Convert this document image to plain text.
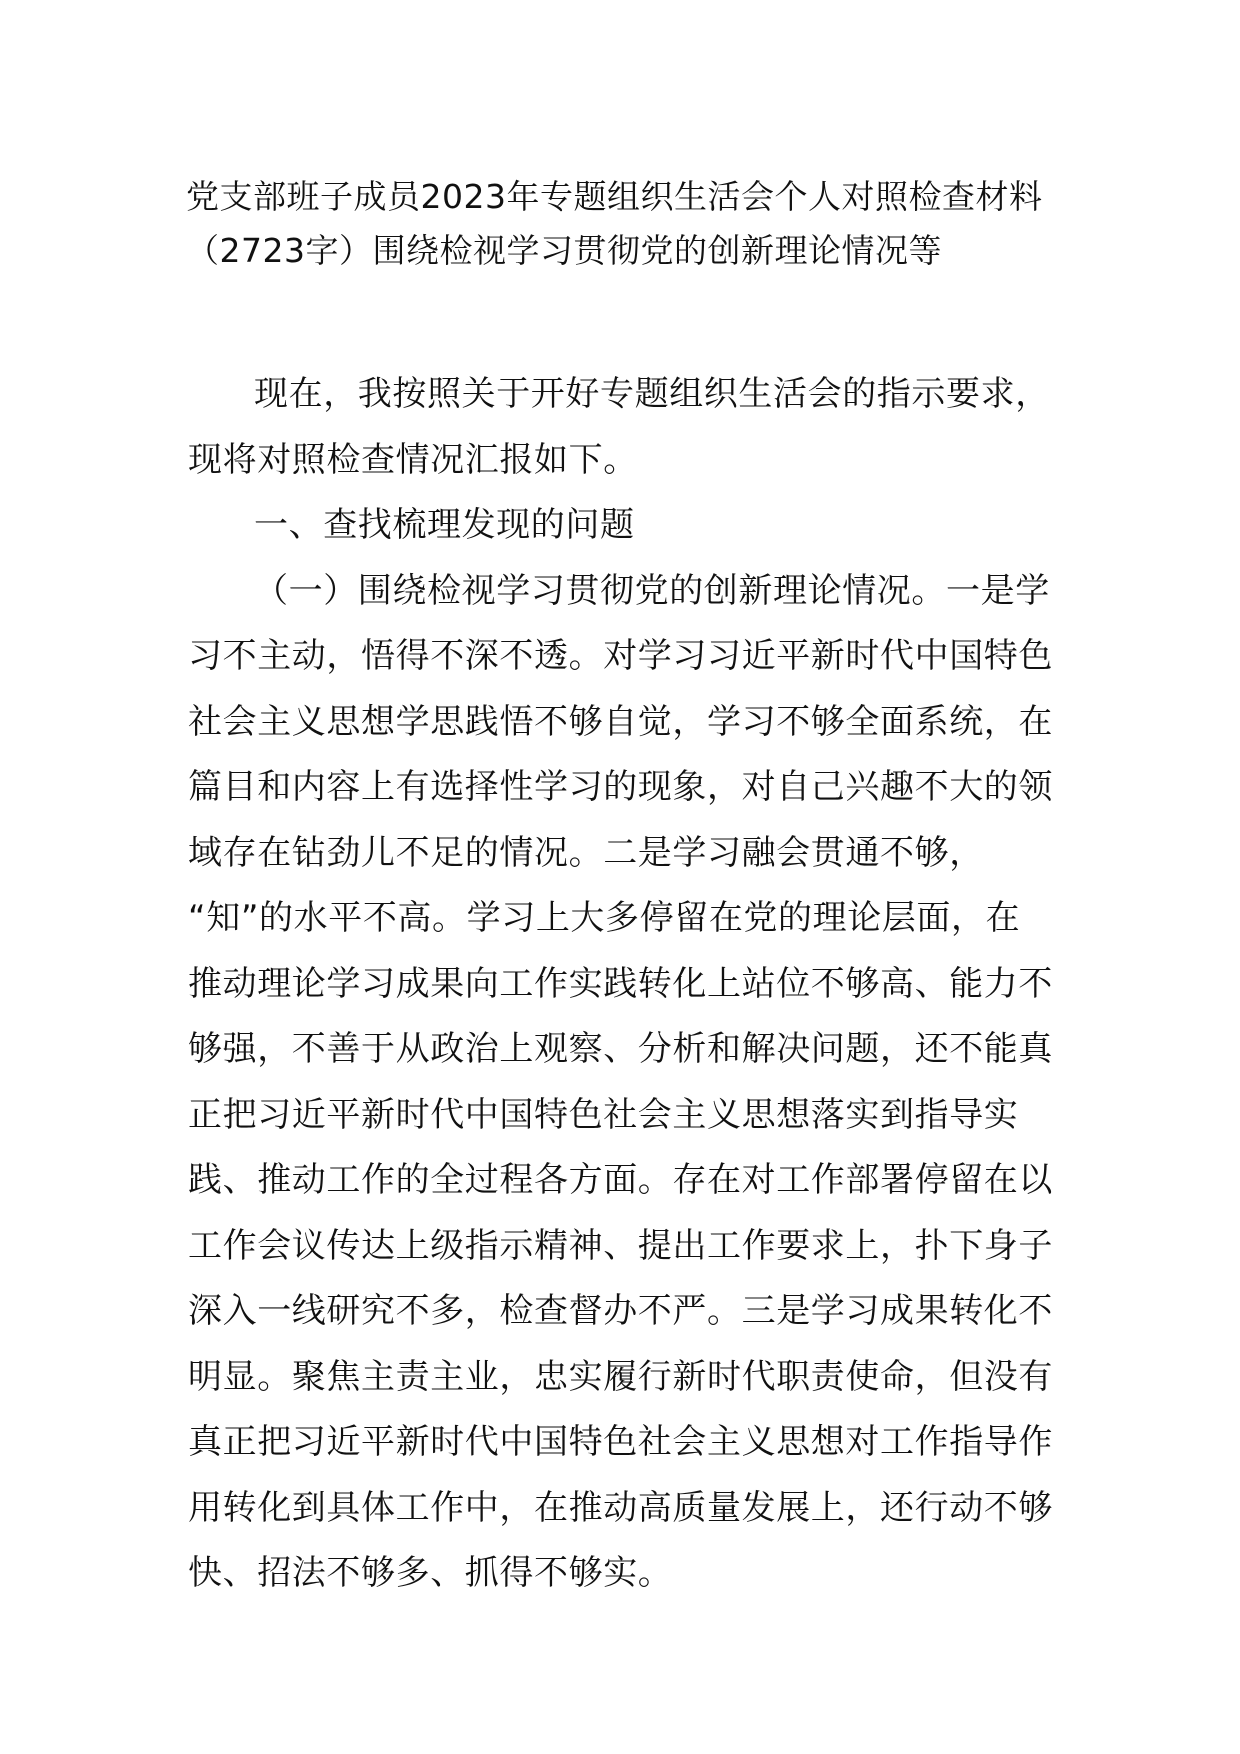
党支部班子成员2023年专题组织生活会个人对照检查材料
（2723字）围绕检视学习贯彻党的创新理论情况等

现在，我按照关于开好专题组织生活会的指示要求，
现将对照检查情况汇报如下。

一、查找梳理发现的问题

（一）围绕检视学习贯彻党的创新理论情况。一是学
习不主动，悟得不深不透。对学习习近平新时代中国特色
社会主义思想学思践悟不够自觉，学习不够全面系统，在
篇目和内容上有选择性学习的现象，对自己兴趣不大的领
域存在钻劲儿不足的情况。二是学习融会贯通不够，
“知”的水平不高。学习上大多停留在党的理论层面，在
推动理论学习成果向工作实践转化上站位不够高、能力不
够强，不善于从政治上观察、分析和解决问题，还不能真
正把习近平新时代中国特色社会主义思想落实到指导实
践、推动工作的全过程各方面。存在对工作部署停留在以
工作会议传达上级指示精神、提出工作要求上，扑下身子
深入一线研究不多，检查督办不严。三是学习成果转化不
明显。聚焦主责主业，忠实履行新时代职责使命，但没有
真正把习近平新时代中国特色社会主义思想对工作指导作
用转化到具体工作中，在推动高质量发展上，还行动不够
快、招法不够多、抓得不够实。
